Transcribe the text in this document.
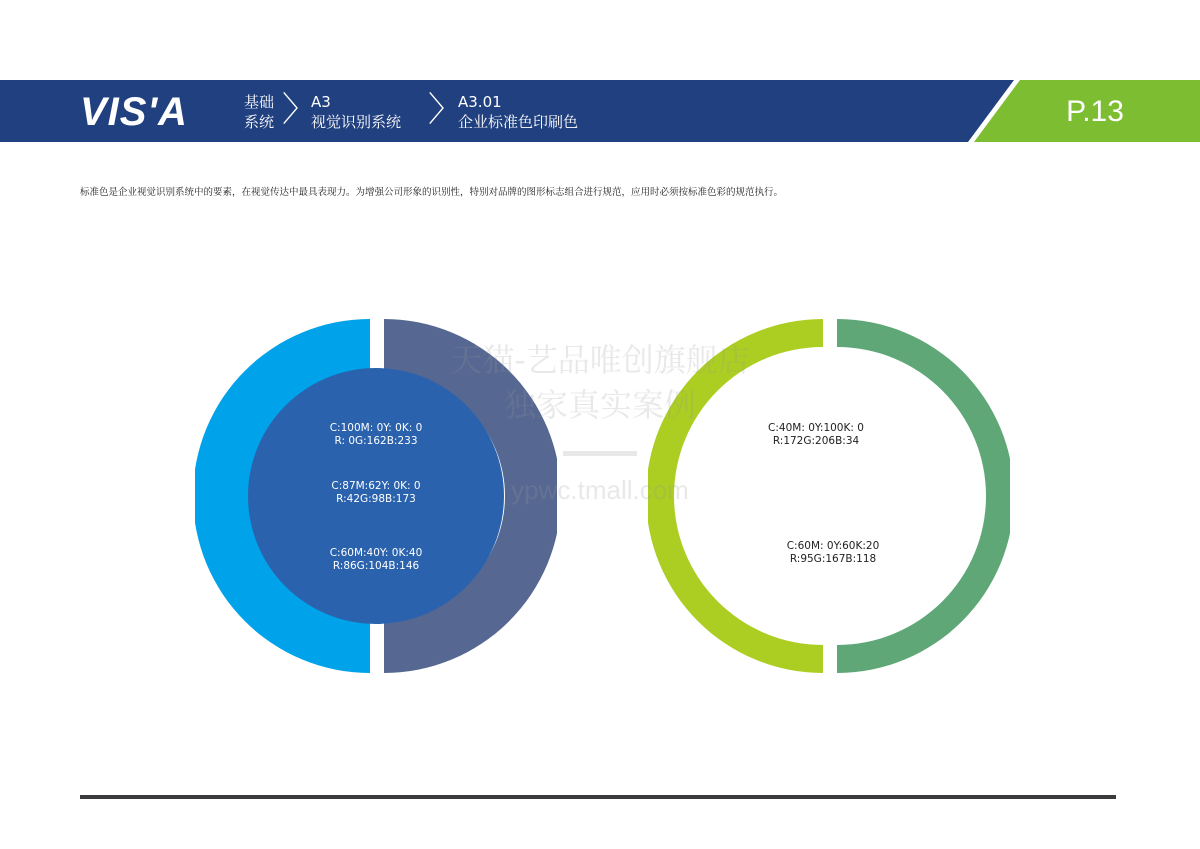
VIS'A	基础
系统 〉
A3
视觉识别系统 〉
A3.01
企业标准色印刷色	P.13
标准色是企业视觉识别系统中的要素，在视觉传达中最具表现力。为增强公司形象的识别性，特别对品牌的图形标志组合进行规范，应用时必须按标准色彩的规范执行。
C:100M: 0Y: 0K: 0
R: 0G:162B:233
C:87M:62Y: 0K: 0
R:42G:98B:173
C:60M:40Y: 0K:40
R:86G:104B:146
C:40M: 0Y:100K: 0
R:172G:206B:34
C:60M: 0Y:60K:20
R:95G:167B:118
天猫-艺品唯创旗舰店
独家真实案例
ypwc.tmall.com
